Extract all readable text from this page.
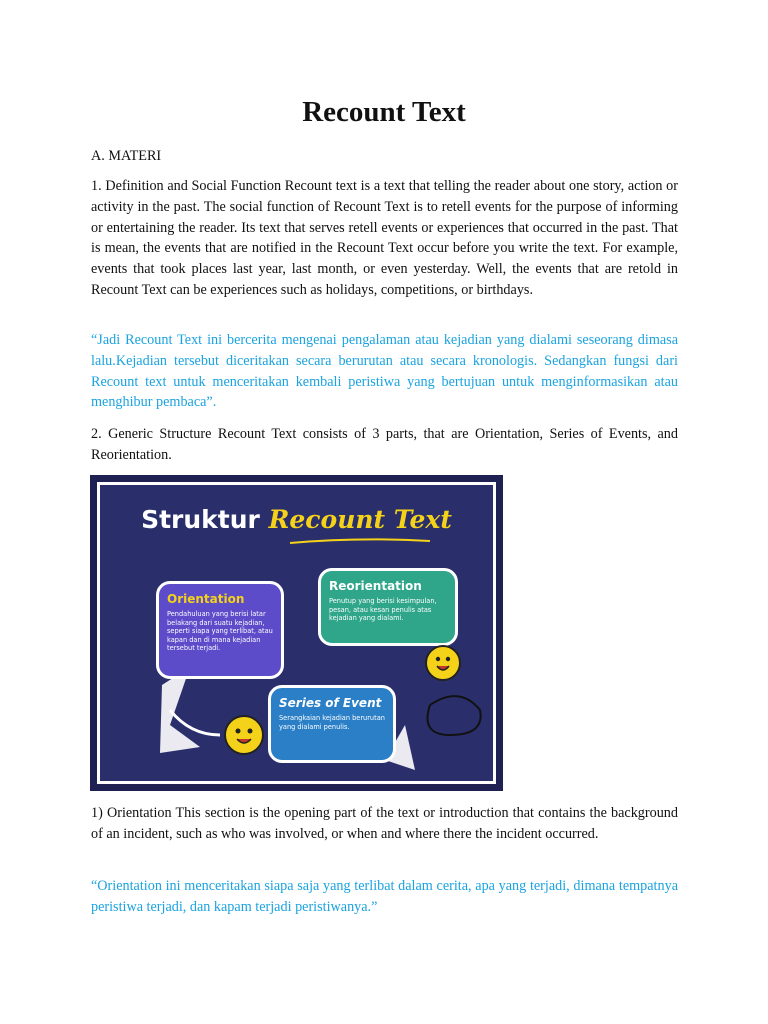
Recount Text

A. MATERI

1. Definition and Social Function Recount text is a text that telling the reader about one story, action or activity in the past. The social function of Recount Text is to retell events for the purpose of informing or entertaining the reader. Its text that serves retell events or experiences that occurred in the past. That is mean, the events that are notified in the Recount Text occur before you write the text. For example, events that took places last year, last month, or even yesterday. Well, the events that are retold in Recount Text can be experiences such as holidays, competitions, or birthdays.

“Jadi Recount Text ini bercerita mengenai pengalaman atau kejadian yang dialami seseorang dimasa lalu.Kejadian tersebut diceritakan secara berurutan atau secara kronologis. Sedangkan fungsi dari Recount text untuk menceritakan kembali peristiwa yang bertujuan untuk menginformasikan atau menghibur pembaca”.

2. Generic Structure Recount Text consists of 3 parts, that are Orientation, Series of Events, and Reorientation.

Struktur Recount Text
Orientation

Pendahuluan yang berisi latar belakang dari suatu kejadian, seperti siapa yang terlibat, atau kapan dan di mana kejadian tersebut terjadi.

Reorientation

Penutup yang berisi kesimpulan, pesan, atau kesan penulis atas kejadian yang dialami.

Series of Event

Serangkaian kejadian berurutan yang dialami penulis.

1) Orientation This section is the opening part of the text or introduction that contains the background of an incident, such as who was involved, or when and where there the incident occurred.

“Orientation ini menceritakan siapa saja yang terlibat dalam cerita, apa yang terjadi, dimana tempatnya peristiwa terjadi, dan kapam terjadi peristiwanya.”
